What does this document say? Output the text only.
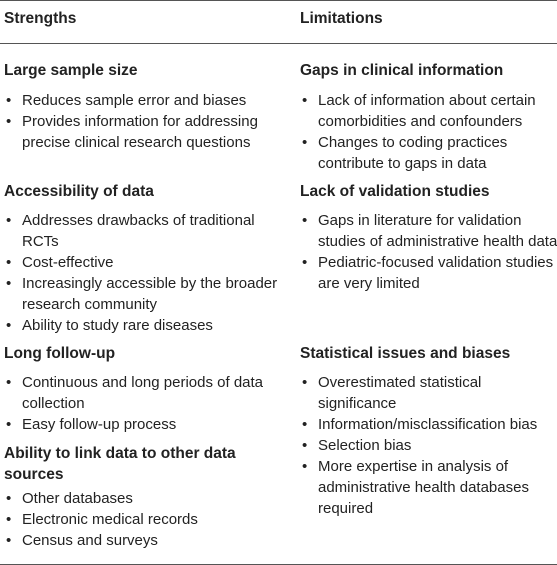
Strengths	Limitations
Large sample size
• Reduces sample error and biases
• Provides information for addressing precise clinical research questions
Accessibility of data
• Addresses drawbacks of traditional RCTs
• Cost-effective
• Increasingly accessible by the broader research community
• Ability to study rare diseases
Long follow-up
• Continuous and long periods of data collection
• Easy follow-up process
Ability to link data to other data sources
• Other databases
• Electronic medical records
• Census and surveys
Gaps in clinical information
• Lack of information about certain comorbidities and confounders
• Changes to coding practices contribute to gaps in data
Lack of validation studies
• Gaps in literature for validation studies of administrative health data
• Pediatric-focused validation studies are very limited
Statistical issues and biases
• Overestimated statistical significance
• Information/misclassification bias
• Selection bias
• More expertise in analysis of administrative health databases required
